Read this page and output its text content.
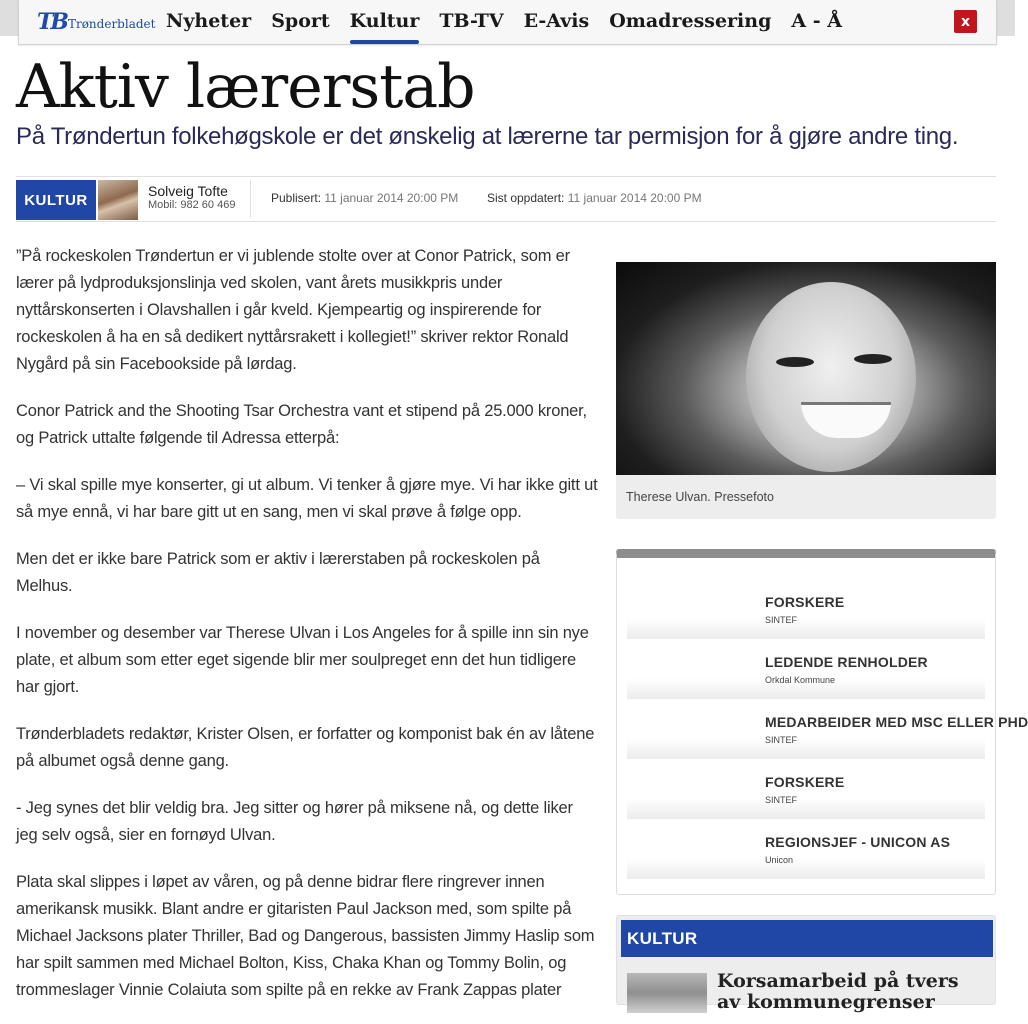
TB Trønderbladet Nyheter	Sport	Kultur	TB-TV	E-Avis	Omadressering	A - Å	x
Aktiv lærerstab
På Trøndertun folkehøgskole er det ønskelig at lærerne tar permisjon for å gjøre andre ting.
KULTUR
Solveig Tofte
Mobil: 982 60 469	Publisert: 11 januar 2014 20:00 PM Sist oppdatert: 11 januar 2014 20:00 PM

”På rockeskolen Trøndertun er vi jublende stolte over at Conor Patrick, som er lærer på lydproduksjonslinja ved skolen, vant årets musikkpris under nyttårskonserten i Olavshallen i går kveld. Kjempeartig og inspirerende for rockeskolen å ha en så dedikert nyttårsrakett i kollegiet!” skriver rektor Ronald Nygård på sin Facebookside på lørdag.

Conor Patrick and the Shooting Tsar Orchestra vant et stipend på 25.000 kroner, og Patrick uttalte følgende til Adressa etterpå:

– Vi skal spille mye konserter, gi ut album. Vi tenker å gjøre mye. Vi har ikke gitt ut så mye ennå, vi har bare gitt ut en sang, men vi skal prøve å følge opp.

Men det er ikke bare Patrick som er aktiv i lærerstaben på rockeskolen på Melhus.

I november og desember var Therese Ulvan i Los Angeles for å spille inn sin nye plate, et album som etter eget sigende blir mer soulpreget enn det hun tidligere har gjort.

Trønderbladets redaktør, Krister Olsen, er forfatter og komponist bak én av låtene på albumet også denne gang.

- Jeg synes det blir veldig bra. Jeg sitter og hører på miksene nå, og dette liker jeg selv også, sier en fornøyd Ulvan.

Plata skal slippes i løpet av våren, og på denne bidrar flere ringrever innen amerikansk musikk. Blant andre er gitaristen Paul Jackson med, som spilte på Michael Jacksons plater Thriller, Bad og Dangerous, bassisten Jimmy Haslip som har spilt sammen med Michael Bolton, Kiss, Chaka Khan og Tommy Bolin, og trommeslager Vinnie Colaiuta som spilte på en rekke av Frank Zappas plater

Therese Ulvan. Pressefoto
FORSKERE
SINTEF
LEDENDE RENHOLDER
Orkdal Kommune
MEDARBEIDER MED MSC ELLER PHD
SINTEF
FORSKERE
SINTEF
REGIONSJEF - UNICON AS
Unicon
KULTUR
Korsamarbeid på tvers av kommunegrenser
